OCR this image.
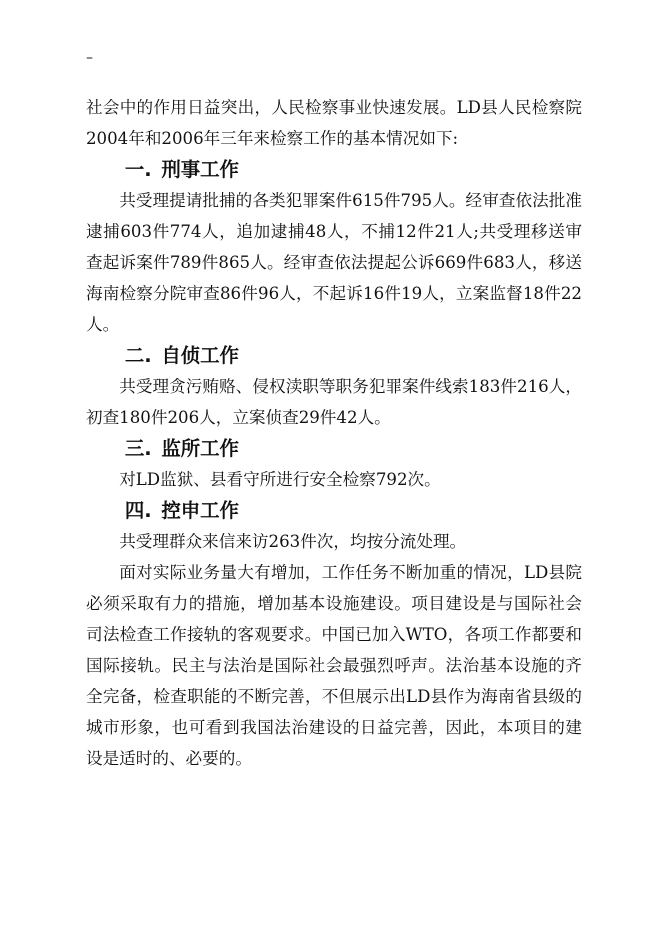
–

社会中的作用日益突出，人民检察事业快速发展。LD县人民检察院2004年和2006年三年来检察工作的基本情况如下:

一. 刑事工作

共受理提请批捕的各类犯罪案件615件795人。经审查依法批准逮捕603件774人，追加逮捕48人，不捕12件21人;共受理移送审查起诉案件789件865人。经审查依法提起公诉669件683人，移送海南检察分院审查86件96人，不起诉16件19人，立案监督18件22人。

二. 自侦工作

共受理贪污贿赂、侵权渎职等职务犯罪案件线索183件216人，初查180件206人，立案侦查29件42人。

三. 监所工作

对LD监狱、县看守所进行安全检察792次。

四. 控申工作

共受理群众来信来访263件次，均按分流处理。

面对实际业务量大有增加，工作任务不断加重的情况，LD县院必须采取有力的措施，增加基本设施建设。项目建设是与国际社会司法检查工作接轨的客观要求。中国已加入WTO，各项工作都要和国际接轨。民主与法治是国际社会最强烈呼声。法治基本设施的齐全完备，检查职能的不断完善，不但展示出LD县作为海南省县级的城市形象，也可看到我国法治建设的日益完善，因此，本项目的建设是适时的、必要的。
